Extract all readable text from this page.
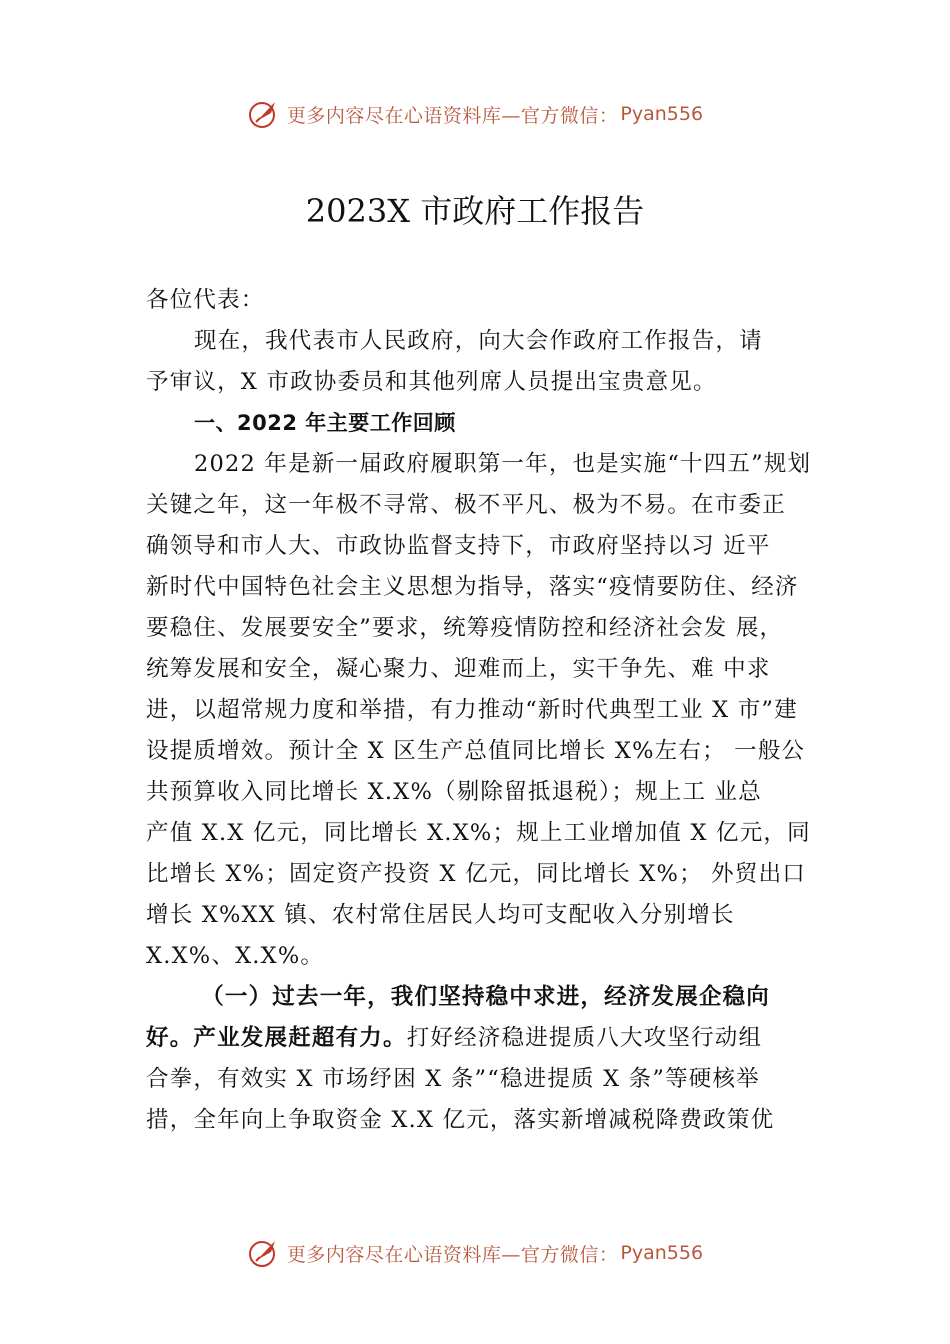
更多内容尽在心语资料库—官方微信： Pyan556
2023X 市政府工作报告
各位代表：
现在，我代表市人民政府，向大会作政府工作报告，请
予审议，X 市政协委员和其他列席人员提出宝贵意见。
一、2022 年主要工作回顾
2022 年是新一届政府履职第一年，也是实施“十四五”规划
关键之年，这一年极不寻常、极不平凡、极为不易。在市委正
确领导和市人大、市政协监督支持下，市政府坚持以习 近平
新时代中国特色社会主义思想为指导，落实“疫情要防住、经济
要稳住、发展要安全”要求，统筹疫情防控和经济社会发 展，
统筹发展和安全，凝心聚力、迎难而上，实干争先、难 中求
进，以超常规力度和举措，有力推动“新时代典型工业 X 市”建
设提质增效。预计全 X 区生产总值同比增长 X%左右； 一般公
共预算收入同比增长 X.X%（剔除留抵退税）；规上工 业总
产值 X.X 亿元，同比增长 X.X%；规上工业增加值 X 亿元，同
比增长 X%；固定资产投资 X 亿元，同比增长 X%； 外贸出口
增长 X%XX 镇、农村常住居民人均可支配收入分别增长
X.X%、X.X%。
（一）过去一年，我们坚持稳中求进，经济发展企稳向
好。产业发展赶超有力。打好经济稳进提质八大攻坚行动组
合拳，有效实 X 市场纾困 X 条”“稳进提质 X 条”等硬核举
措，全年向上争取资金 X.X 亿元，落实新增减税降费政策优
更多内容尽在心语资料库—官方微信： Pyan556
